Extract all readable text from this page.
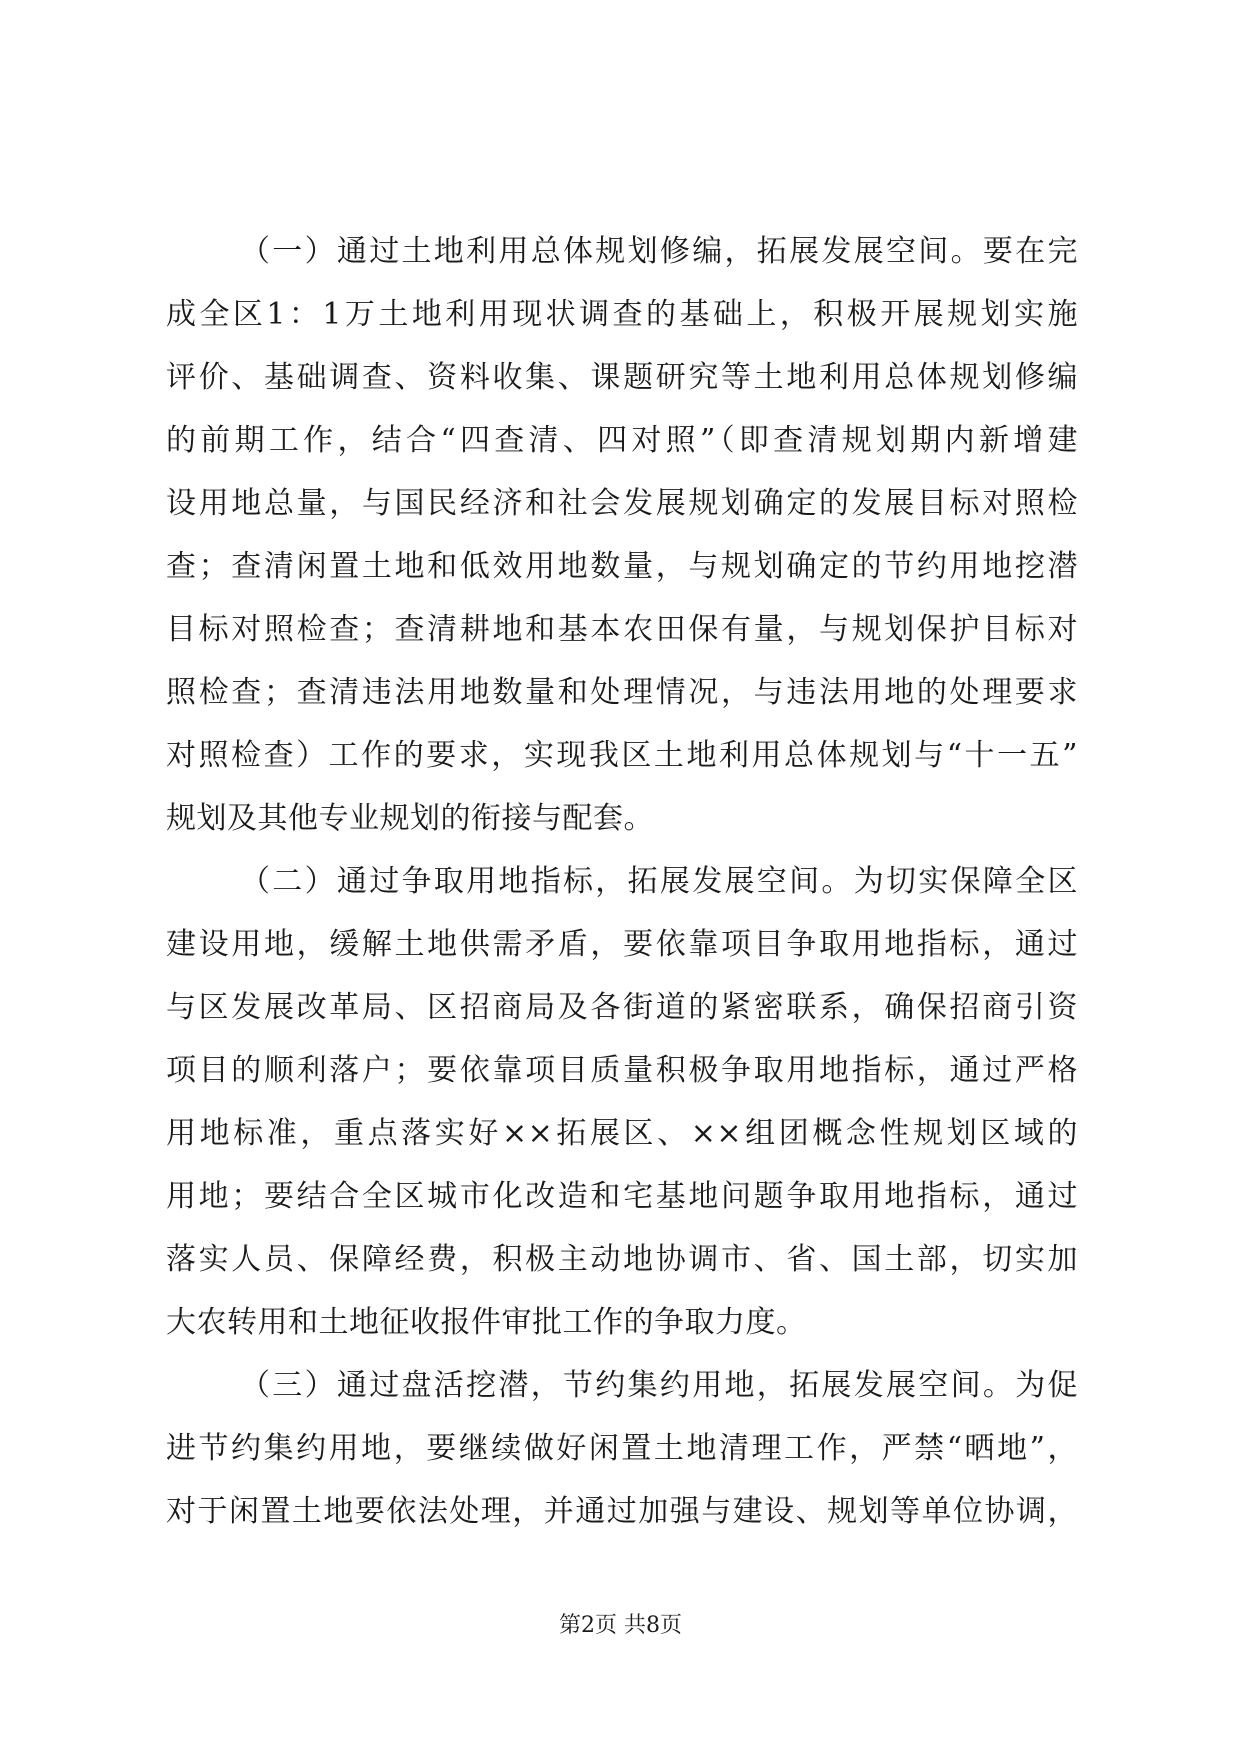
（一）通过土地利用总体规划修编，拓展发展空间。要在完
成全区1：1万土地利用现状调查的基础上，积极开展规划实施
评价、基础调查、资料收集、课题研究等土地利用总体规划修编
的前期工作，结合“四查清、四对照”（即查清规划期内新增建
设用地总量，与国民经济和社会发展规划确定的发展目标对照检
查；查清闲置土地和低效用地数量，与规划确定的节约用地挖潜
目标对照检查；查清耕地和基本农田保有量，与规划保护目标对
照检查；查清违法用地数量和处理情况，与违法用地的处理要求
对照检查）工作的要求，实现我区土地利用总体规划与“十一五”
规划及其他专业规划的衔接与配套。
（二）通过争取用地指标，拓展发展空间。为切实保障全区
建设用地，缓解土地供需矛盾，要依靠项目争取用地指标，通过
与区发展改革局、区招商局及各街道的紧密联系，确保招商引资
项目的顺利落户；要依靠项目质量积极争取用地指标，通过严格
用地标准，重点落实好××拓展区、××组团概念性规划区域的
用地；要结合全区城市化改造和宅基地问题争取用地指标，通过
落实人员、保障经费，积极主动地协调市、省、国土部，切实加
大农转用和土地征收报件审批工作的争取力度。
（三）通过盘活挖潜，节约集约用地，拓展发展空间。为促
进节约集约用地，要继续做好闲置土地清理工作，严禁“晒地”，
对于闲置土地要依法处理，并通过加强与建设、规划等单位协调，
第2页 共8页
